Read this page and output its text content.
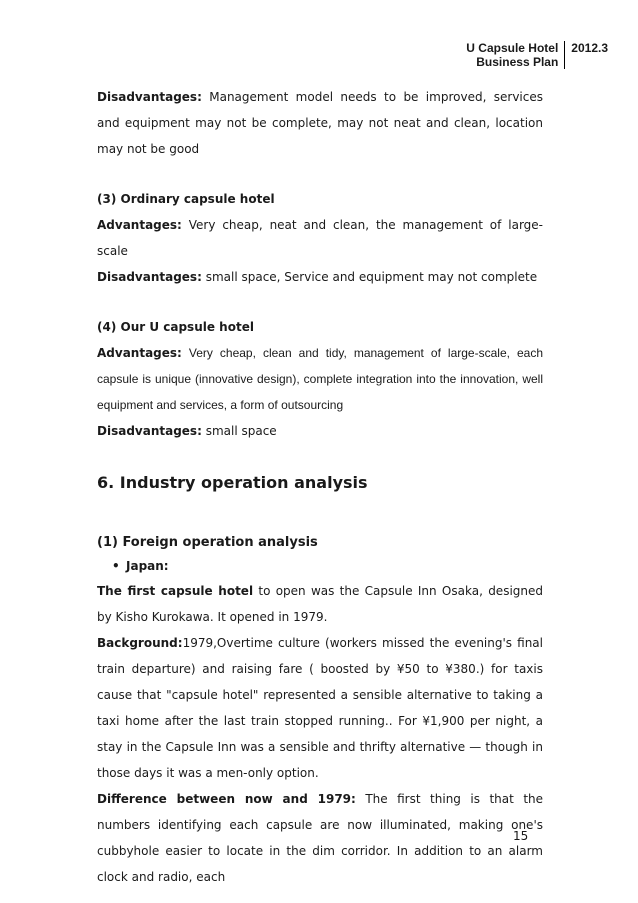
U Capsule Hotel
Business Plan
2012.3

Disadvantages: Management model needs to be improved, services and equipment may not be complete, may not neat and clean, location may not be good

(3) Ordinary capsule hotel

Advantages: Very cheap, neat and clean, the management of large-scale

Disadvantages: small space, Service and equipment may not complete

(4) Our U capsule hotel

Advantages: Very cheap, clean and tidy, management of large-scale, each capsule is unique (innovative design), complete integration into the innovation, well equipment and services, a form of outsourcing

Disadvantages: small space

6. Industry operation analysis
(1) Foreign operation analysis

• Japan:

The first capsule hotel to open was the Capsule Inn Osaka, designed by Kisho Kurokawa. It opened in 1979.

Background:1979,Overtime culture (workers missed the evening's final train departure) and raising fare ( boosted by ¥50 to ¥380.) for taxis cause that "capsule hotel" represented a sensible alternative to taking a taxi home after the last train stopped running.. For ¥1,900 per night, a stay in the Capsule Inn was a sensible and thrifty alternative — though in those days it was a men-only option.

Difference between now and 1979: The first thing is that the numbers identifying each capsule are now illuminated, making one's cubbyhole easier to locate in the dim corridor. In addition to an alarm clock and radio, each

15
